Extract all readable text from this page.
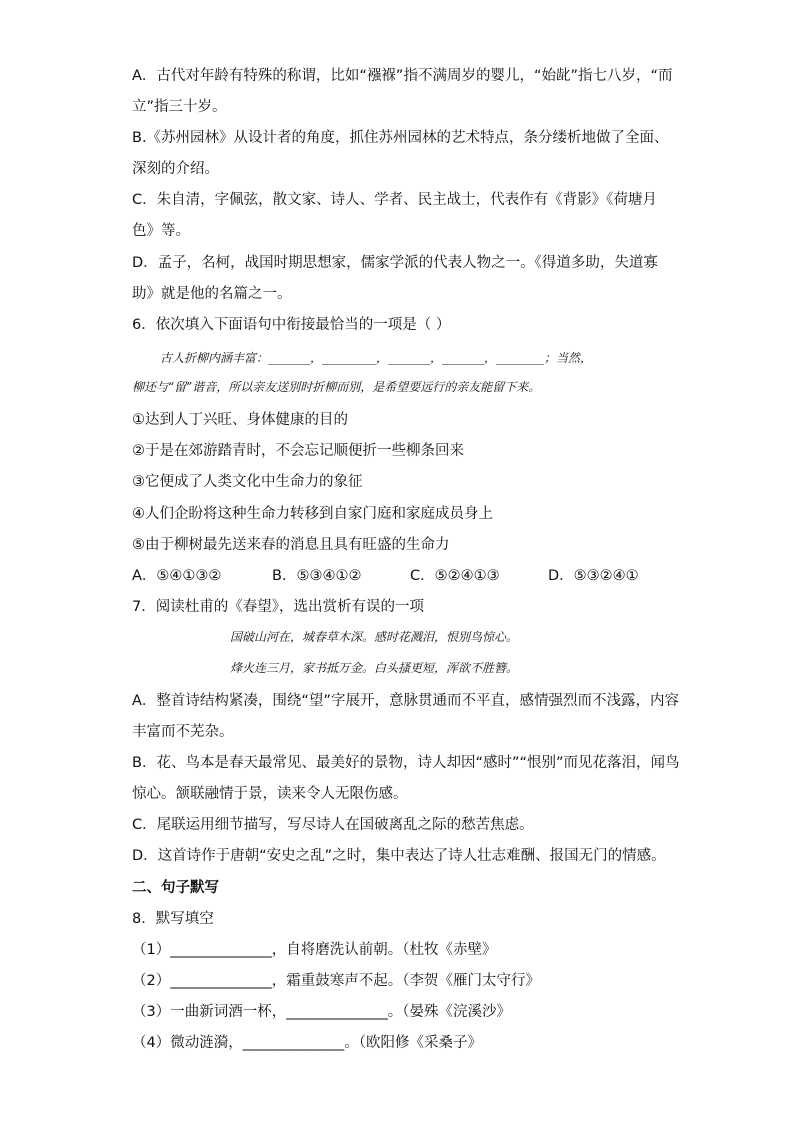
A．古代对年龄有特殊的称谓，比如“襁褓”指不满周岁的婴儿，“始龀”指七八岁，“而
立”指三十岁。
B.《苏州园林》从设计者的角度，抓住苏州园林的艺术特点，条分缕析地做了全面、
深刻的介绍。
C．朱自清，字佩弦，散文家、诗人、学者、民主战士，代表作有《背影》《荷塘月
色》等。
D．孟子，名柯，战国时期思想家，儒家学派的代表人物之一。《得道多助，失道寡
助》就是他的名篇之一。
6．依次填入下面语句中衔接最恰当的一项是（ ）
古人折柳内涵丰富：_______，_________，_______，_______，________；当然，
柳还与“留”谐音，所以亲友送别时折柳而别，是希望要远行的亲友能留下来。
①达到人丁兴旺、身体健康的目的
②于是在郊游踏青时，不会忘记顺便折一些柳条回来
③它便成了人类文化中生命力的象征
④人们企盼将这种生命力转移到自家门庭和家庭成员身上
⑤由于柳树最先送来春的消息且具有旺盛的生命力
A．⑤④①③②	B．⑤③④①②	C．⑤②④①③	D．⑤③②④①
7．阅读杜甫的《春望》，选出赏析有误的一项
国破山河在，城春草木深。感时花溅泪，恨别鸟惊心。
烽火连三月，家书抵万金。白头搔更短，浑欲不胜簪。
A．整首诗结构紧凑，围绕“望”字展开，意脉贯通而不平直，感情强烈而不浅露，内容
丰富而不芜杂。
B．花、鸟本是春天最常见、最美好的景物，诗人却因“感时”“恨别”而见花落泪，闻鸟
惊心。颔联融情于景，读来令人无限伤感。
C．尾联运用细节描写，写尽诗人在国破离乱之际的愁苦焦虑。
D．这首诗作于唐朝“安史之乱”之时，集中表达了诗人壮志难酬、报国无门的情感。
二、句子默写
8．默写填空
（1）______________，自将磨洗认前朝。（杜牧《赤壁》
（2）______________，霜重鼓寒声不起。（李贺《雁门太守行》
（3）一曲新词酒一杯，______________。（晏殊《浣溪沙》
（4）微动涟漪，______________。（欧阳修《采桑子》
